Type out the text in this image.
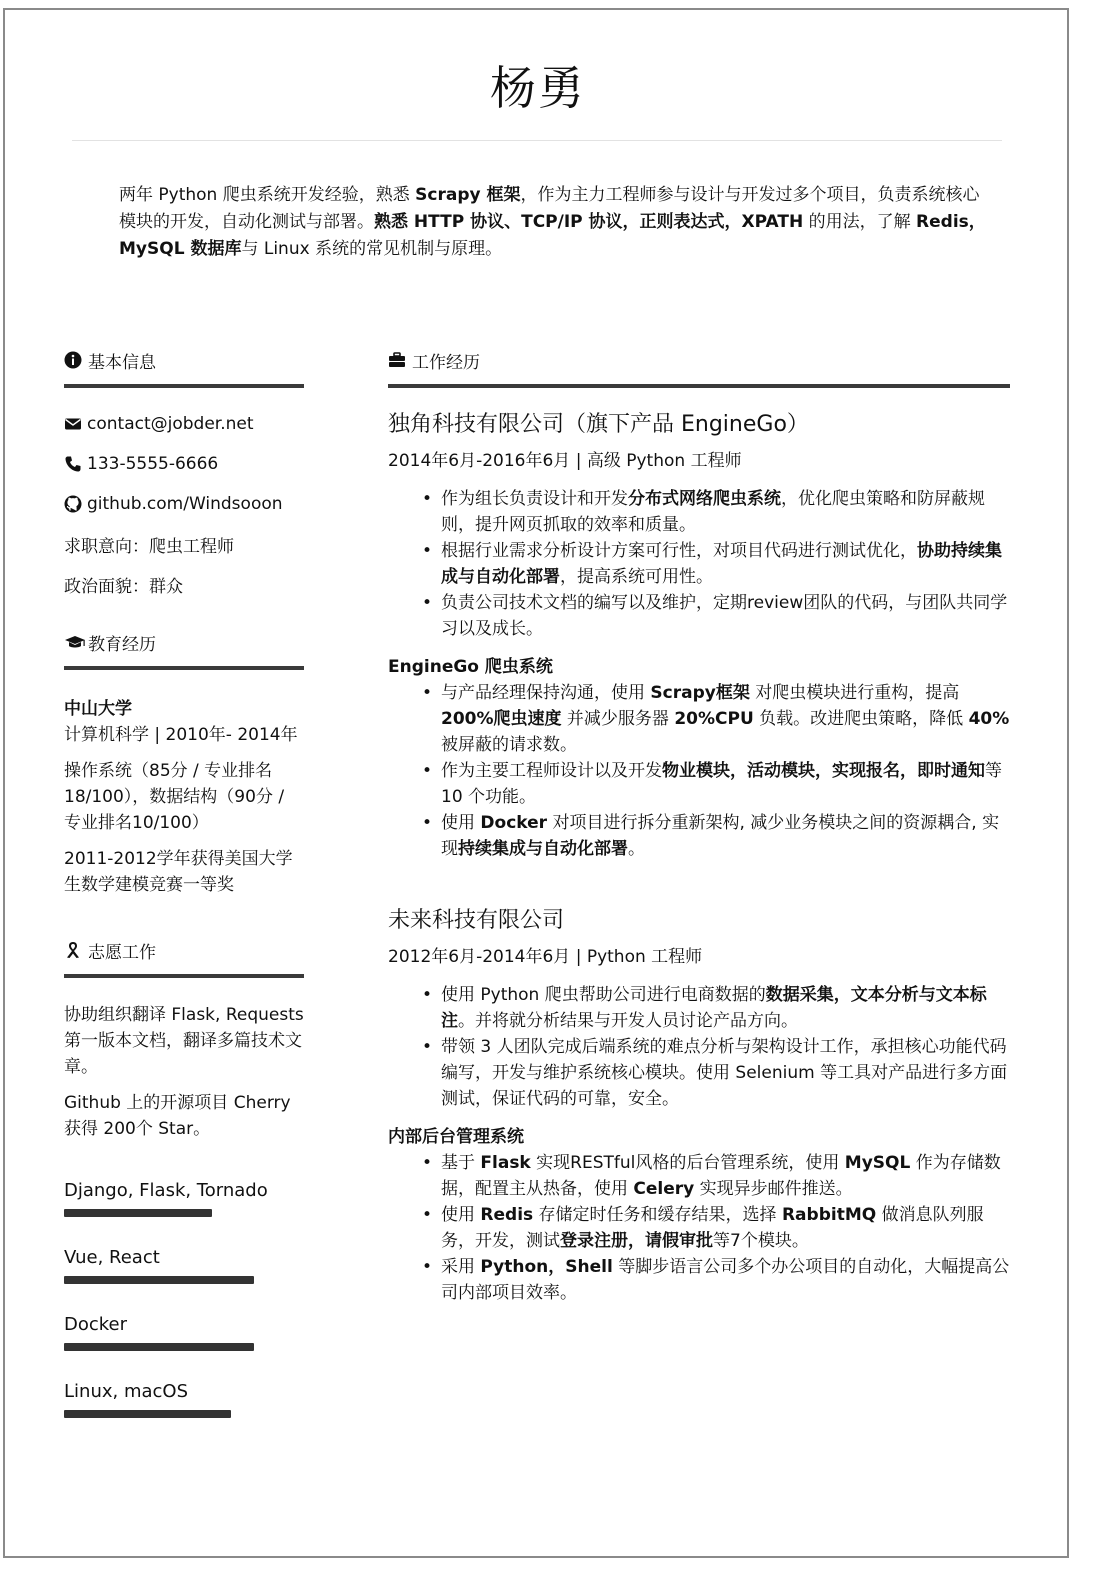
杨勇
两年 Python 爬虫系统开发经验，熟悉 Scrapy 框架，作为主力工程师参与设计与开发过多个项目，负责系统核心模块的开发，自动化测试与部署。熟悉 HTTP 协议、TCP/IP 协议，正则表达式，XPATH 的用法，了解 Redis，MySQL 数据库与 Linux 系统的常见机制与原理。
基本信息
contact@jobder.net
133-5555-6666
github.com/Windsooon
求职意向：爬虫工程师
政治面貌：群众
教育经历
中山大学
计算机科学 | 2010年- 2014年
操作系统（85分 / 专业排名18/100），数据结构（90分 / 专业排名10/100）
2011-2012学年获得美国大学生数学建模竞赛一等奖
志愿工作
协助组织翻译 Flask, Requests 第一版本文档，翻译多篇技术文章。
Github 上的开源项目 Cherry 获得 200个 Star。
Django, Flask, Tornado
Vue, React
Docker
Linux, macOS
工作经历
独角科技有限公司（旗下产品 EngineGo）
2014年6月-2016年6月 | 高级 Python 工程师
• 作为组长负责设计和开发分布式网络爬虫系统，优化爬虫策略和防屏蔽规则，提升网页抓取的效率和质量。
• 根据行业需求分析设计方案可行性，对项目代码进行测试优化，协助持续集成与自动化部署，提高系统可用性。
• 负责公司技术文档的编写以及维护，定期review团队的代码，与团队共同学习以及成长。
EngineGo 爬虫系统
• 与产品经理保持沟通，使用 Scrapy框架 对爬虫模块进行重构，提高 200%爬虫速度 并减少服务器 20%CPU 负载。改进爬虫策略，降低 40% 被屏蔽的请求数。
• 作为主要工程师设计以及开发物业模块，活动模块，实现报名，即时通知等 10 个功能。
• 使用 Docker 对项目进行拆分重新架构, 减少业务模块之间的资源耦合, 实现持续集成与自动化部署。
未来科技有限公司
2012年6月-2014年6月 | Python 工程师
• 使用 Python 爬虫帮助公司进行电商数据的数据采集，文本分析与文本标注。并将就分析结果与开发人员讨论产品方向。
• 带领 3 人团队完成后端系统的难点分析与架构设计工作，承担核心功能代码编写，开发与维护系统核心模块。使用 Selenium 等工具对产品进行多方面测试，保证代码的可靠，安全。
内部后台管理系统
• 基于 Flask 实现RESTful风格的后台管理系统，使用 MySQL 作为存储数据，配置主从热备，使用 Celery 实现异步邮件推送。
• 使用 Redis 存储定时任务和缓存结果，选择 RabbitMQ 做消息队列服务，开发，测试登录注册，请假审批等7个模块。
• 采用 Python，Shell 等脚步语言公司多个办公项目的自动化，大幅提高公司内部项目效率。
